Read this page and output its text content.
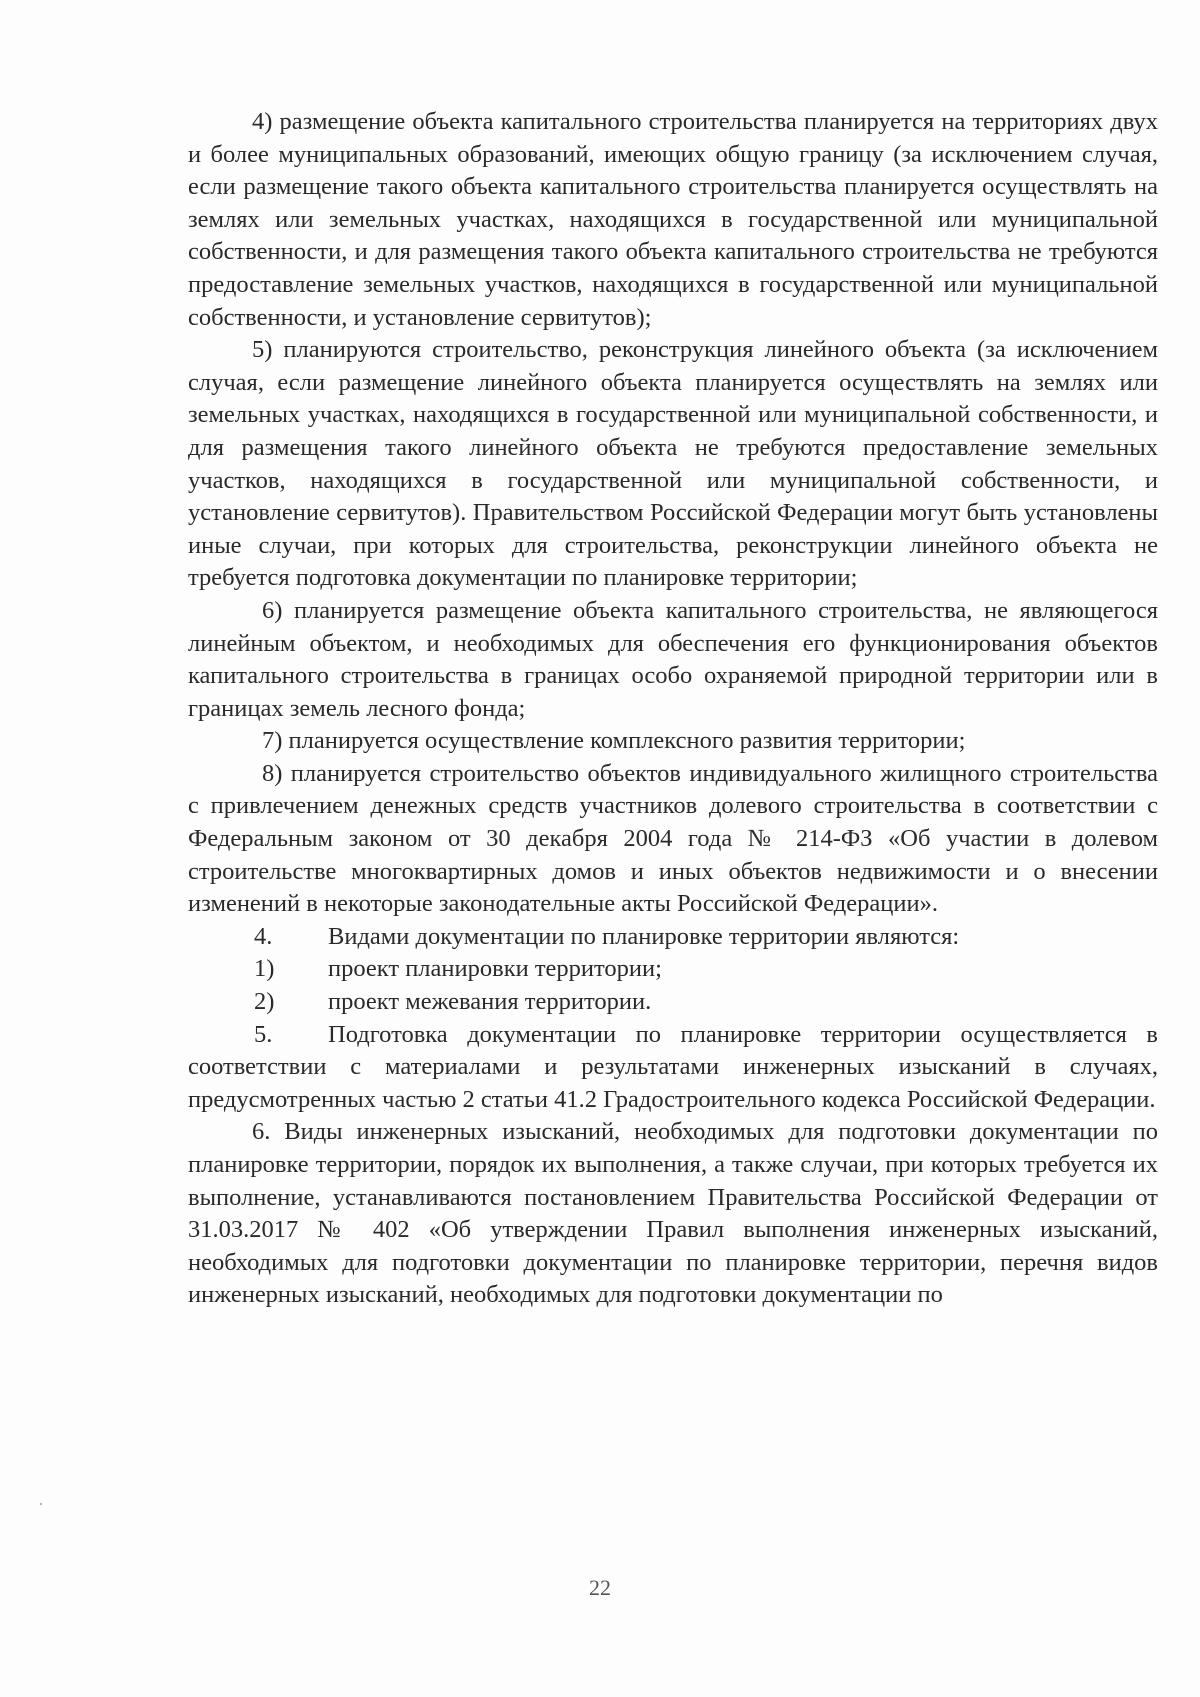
4) размещение объекта капитального строительства планируется на территориях двух и более муниципальных образований, имеющих общую границу (за исключением случая, если размещение такого объекта капитального строительства планируется осуществлять на землях или земельных участках, находящихся в государственной или муниципальной собственности, и для размещения такого объекта капитального строительства не требуются предоставление земельных участков, находящихся в государственной или муниципальной собственности, и установление сервитутов);

5) планируются строительство, реконструкция линейного объекта (за исключением случая, если размещение линейного объекта планируется осуществлять на землях или земельных участках, находящихся в государственной или муниципальной собственности, и для размещения такого линейного объекта не требуются предоставление земельных участков, находящихся в государственной или муниципальной собственности, и установление сервитутов). Правительством Российской Федерации могут быть установлены иные случаи, при которых для строительства, реконструкции линейного объекта не требуется подготовка документации по планировке территории;

6) планируется размещение объекта капитального строительства, не являющегося линейным объектом, и необходимых для обеспечения его функционирования объектов капитального строительства в границах особо охраняемой природной территории или в границах земель лесного фонда;

7) планируется осуществление комплексного развития территории;

8) планируется строительство объектов индивидуального жилищного строительства с привлечением денежных средств участников долевого строительства в соответствии с Федеральным законом от 30 декабря 2004 года № 214-ФЗ «Об участии в долевом строительстве многоквартирных домов и иных объектов недвижимости и о внесении изменений в некоторые законодательные акты Российской Федерации».

4.	Видами документации по планировке территории являются:
1)	проект планировки территории;
2)	проект межевания территории.

5. Подготовка документации по планировке территории осуществляется в соответствии с материалами и результатами инженерных изысканий в случаях, предусмотренных частью 2 статьи 41.2 Градостроительного кодекса Российской Федерации.

6. Виды инженерных изысканий, необходимых для подготовки документации по планировке территории, порядок их выполнения, а также случаи, при которых требуется их выполнение, устанавливаются постановлением Правительства Российской Федерации от 31.03.2017 № 402 «Об утверждении Правил выполнения инженерных изысканий, необходимых для подготовки документации по планировке территории, перечня видов инженерных изысканий, необходимых для подготовки документации по

22
